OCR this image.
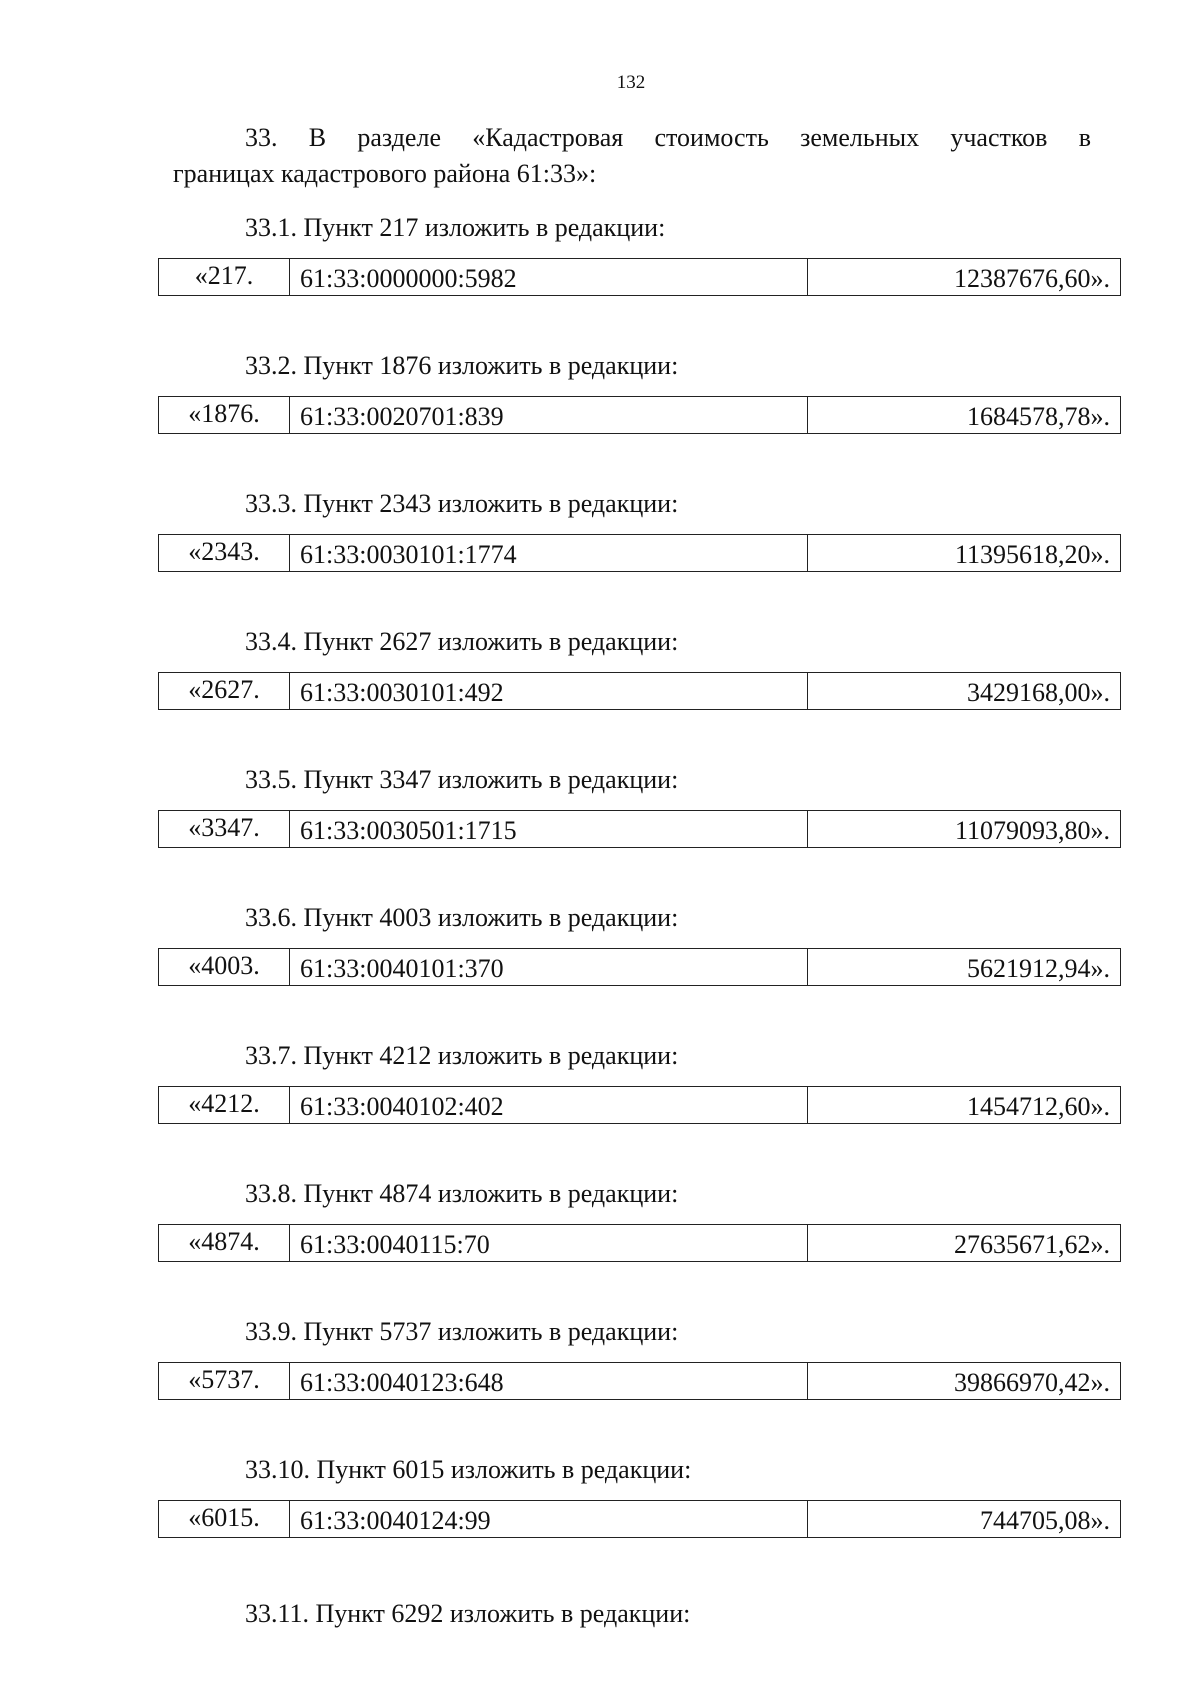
132
33. В разделе «Кадастровая стоимость земельных участков в
границах кадастрового района 61:33»:
33.1. Пункт 217 изложить в редакции:
«217.	61:33:0000000:5982	12387676,60».
33.2. Пункт 1876 изложить в редакции:
«1876.	61:33:0020701:839	1684578,78».
33.3. Пункт 2343 изложить в редакции:
«2343.	61:33:0030101:1774	11395618,20».
33.4. Пункт 2627 изложить в редакции:
«2627.	61:33:0030101:492	3429168,00».
33.5. Пункт 3347 изложить в редакции:
«3347.	61:33:0030501:1715	11079093,80».
33.6. Пункт 4003 изложить в редакции:
«4003.	61:33:0040101:370	5621912,94».
33.7. Пункт 4212 изложить в редакции:
«4212.	61:33:0040102:402	1454712,60».
33.8. Пункт 4874 изложить в редакции:
«4874.	61:33:0040115:70	27635671,62».
33.9. Пункт 5737 изложить в редакции:
«5737.	61:33:0040123:648	39866970,42».
33.10. Пункт 6015 изложить в редакции:
«6015.	61:33:0040124:99	744705,08».
33.11. Пункт 6292 изложить в редакции:
